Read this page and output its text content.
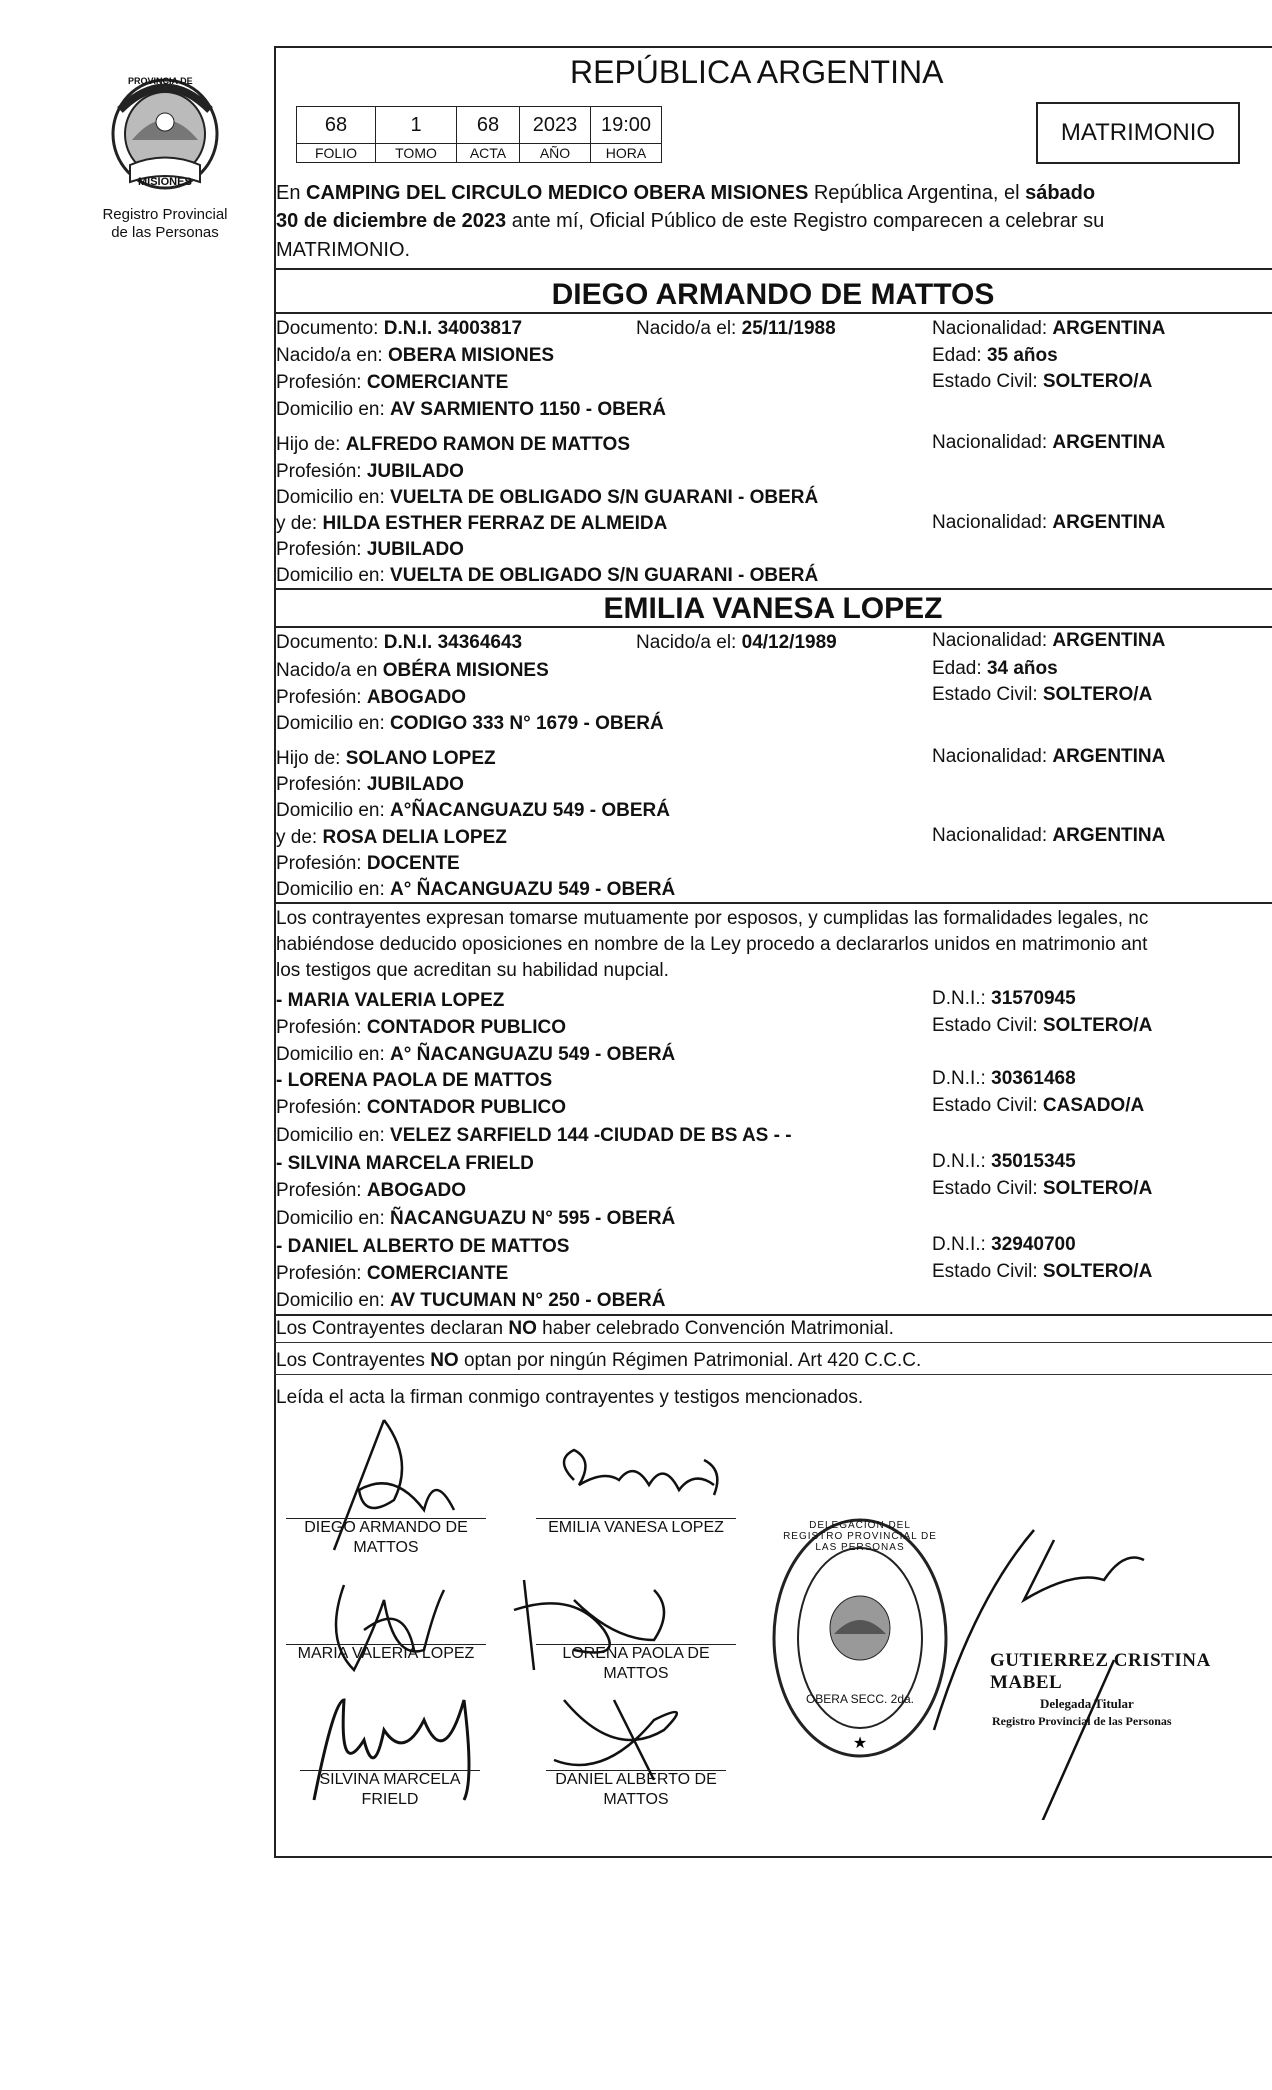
PROVINCIA DE
MISIONES
Registro Provincial
de las Personas
REPÚBLICA ARGENTINA
68	1	68	2023	19:00
FOLIO	TOMO	ACTA	AÑO	HORA
MATRIMONIO
En CAMPING DEL CIRCULO MEDICO OBERA MISIONES República Argentina, el sábado
30 de diciembre de 2023 ante mí, Oficial Público de este Registro comparecen a celebrar su
MATRIMONIO.
DIEGO ARMANDO DE MATTOS
Documento: D.N.I. 34003817	Nacido/a el: 25/11/1988	Nacionalidad: ARGENTINA
Nacido/a en: OBERA MISIONES	Edad: 35 años
Profesión: COMERCIANTE	Estado Civil: SOLTERO/A
Domicilio en: AV SARMIENTO 1150 - OBERÁ
Hijo de: ALFREDO RAMON DE MATTOS	Nacionalidad: ARGENTINA
Profesión: JUBILADO
Domicilio en: VUELTA DE OBLIGADO S/N GUARANI - OBERÁ
y de: HILDA ESTHER FERRAZ DE ALMEIDA	Nacionalidad: ARGENTINA
Profesión: JUBILADO
Domicilio en: VUELTA DE OBLIGADO S/N GUARANI - OBERÁ
EMILIA VANESA LOPEZ
Documento: D.N.I. 34364643	Nacido/a el: 04/12/1989	Nacionalidad: ARGENTINA
Nacido/a en OBÉRA MISIONES	Edad: 34 años
Profesión: ABOGADO	Estado Civil: SOLTERO/A
Domicilio en: CODIGO 333 N° 1679 - OBERÁ
Hijo de: SOLANO LOPEZ	Nacionalidad: ARGENTINA
Profesión: JUBILADO
Domicilio en: A°ÑACANGUAZU 549 - OBERÁ
y de: ROSA DELIA LOPEZ	Nacionalidad: ARGENTINA
Profesión: DOCENTE
Domicilio en: A° ÑACANGUAZU 549 - OBERÁ
Los contrayentes expresan tomarse mutuamente por esposos, y cumplidas las formalidades legales, nc
habiéndose deducido oposiciones en nombre de la Ley procedo a declararlos unidos en matrimonio ant
los testigos que acreditan su habilidad nupcial.
- MARIA VALERIA LOPEZ	D.N.I.: 31570945
Profesión: CONTADOR PUBLICO	Estado Civil: SOLTERO/A
Domicilio en: A° ÑACANGUAZU 549 - OBERÁ
- LORENA PAOLA DE MATTOS	D.N.I.: 30361468
Profesión: CONTADOR PUBLICO	Estado Civil: CASADO/A
Domicilio en: VELEZ SARFIELD 144 -CIUDAD DE BS AS - -
- SILVINA MARCELA FRIELD	D.N.I.: 35015345
Profesión: ABOGADO	Estado Civil: SOLTERO/A
Domicilio en: ÑACANGUAZU N° 595 - OBERÁ
- DANIEL ALBERTO DE MATTOS	D.N.I.: 32940700
Profesión: COMERCIANTE	Estado Civil: SOLTERO/A
Domicilio en: AV TUCUMAN N° 250 - OBERÁ
Los Contrayentes declaran NO haber celebrado Convención Matrimonial.
Los Contrayentes NO optan por ningún Régimen Patrimonial. Art 420 C.C.C.
Leída el acta la firman conmigo contrayentes y testigos mencionados.
DIEGO ARMANDO DE
MATTOS
EMILIA VANESA LOPEZ
MARIA VALERIA LOPEZ	LORENA PAOLA DE
MATTOS
SILVINA MARCELA
FRIELD
DANIEL ALBERTO DE
MATTOS
★
DELEGACION DEL REGISTRO PROVINCIAL DE LAS PERSONAS
OBERA SECC. 2da.
GUTIERREZ CRISTINA MABEL
Delegada Titular
Registro Provincial de las Personas
